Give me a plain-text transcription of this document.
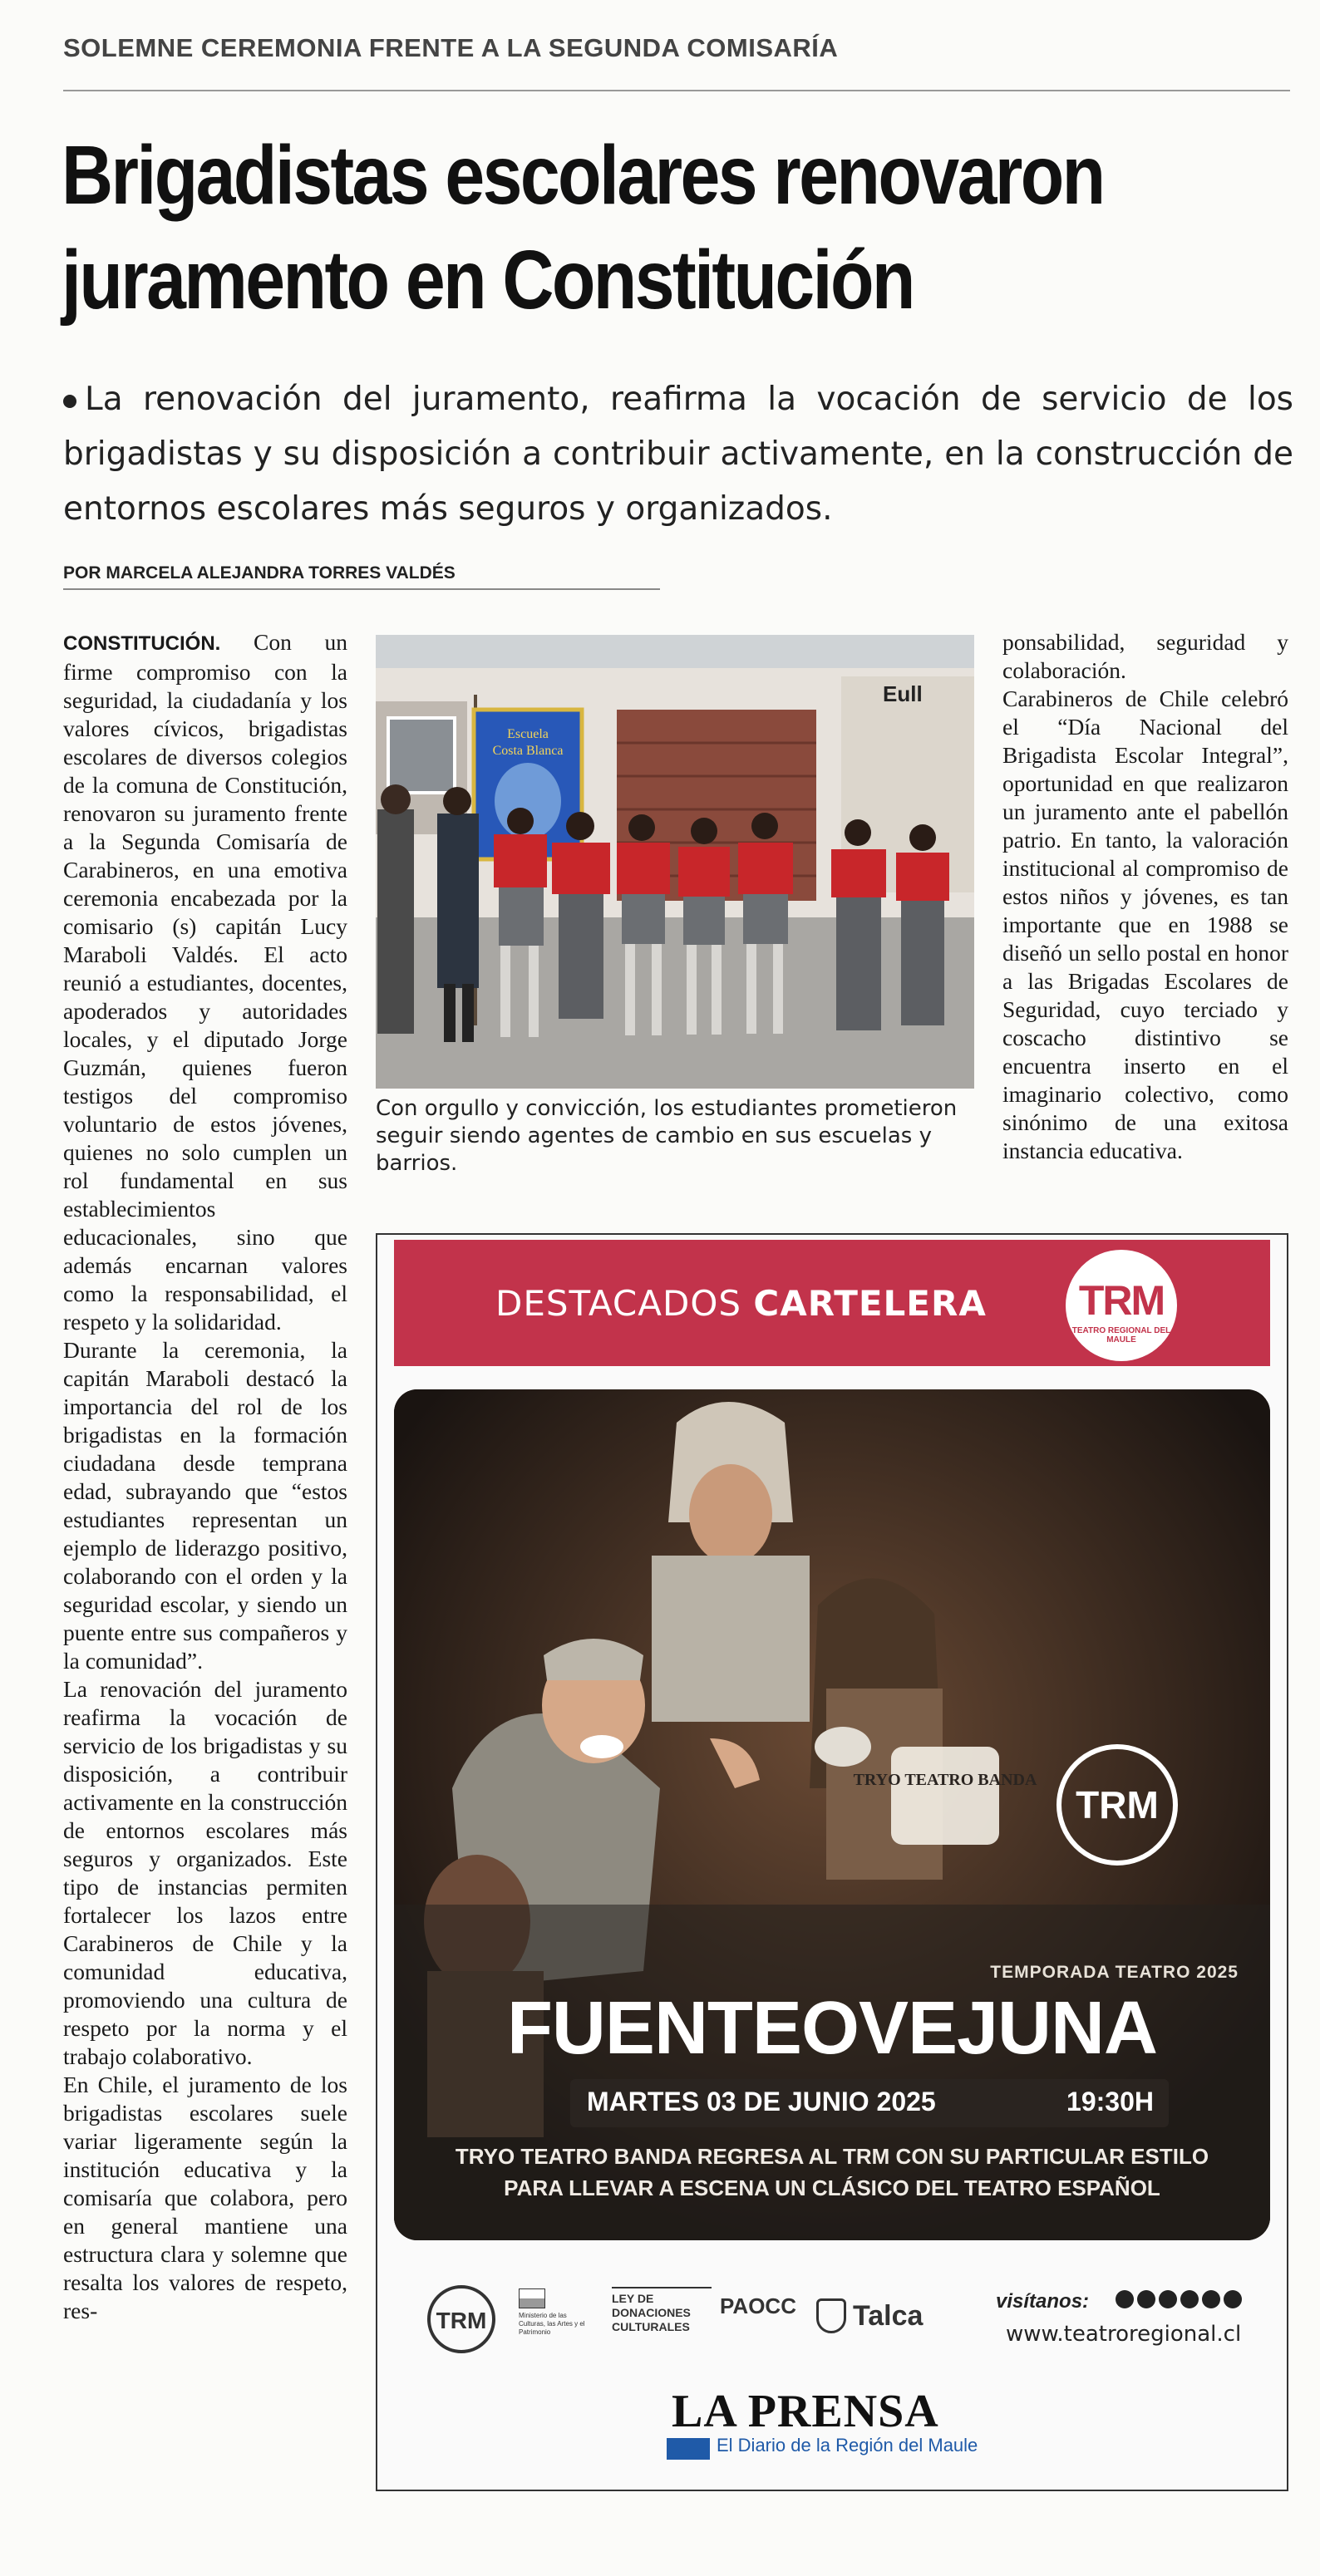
SOLEMNE CEREMONIA FRENTE A LA SEGUNDA COMISARÍA
Brigadistas escolares renovaron
juramento en Constitución
La renovación del juramento, reafirma la vocación de servicio de los brigadistas y su disposición a contribuir activamente, en la construcción de entornos escolares más seguros y organizados.
POR MARCELA ALEJANDRA TORRES VALDÉS

CONSTITUCIÓN. Con un firme compromiso con la seguridad, la ciudadanía y los valores cívicos, brigadistas escolares de diversos colegios de la comuna de Constitución, renovaron su juramento frente a la Segunda Comisaría de Carabineros, en una emotiva ceremonia encabezada por la comisario (s) capitán Lucy Maraboli Valdés. El acto reunió a estudiantes, docentes, apoderados y autoridades locales, y el diputado Jorge Guzmán, quienes fueron testigos del compromiso voluntario de estos jóvenes, quienes no solo cumplen un rol fundamental en sus establecimientos educacionales, sino que además encarnan valores como la responsabilidad, el respeto y la solidaridad.

Durante la ceremonia, la capitán Maraboli destacó la importancia del rol de los brigadistas en la formación ciudadana desde temprana edad, subrayando que “estos estudiantes representan un ejemplo de liderazgo positivo, colaborando con el orden y la seguridad escolar, y siendo un puente entre sus compañeros y la comunidad”.

La renovación del juramento reafirma la vocación de servicio de los brigadistas y su disposición, a contribuir activamente en la construcción de entornos escolares más seguros y organizados. Este tipo de instancias permiten fortalecer los lazos entre Carabineros de Chile y la comunidad educativa, promoviendo una cultura de respeto por la norma y el trabajo colaborativo.

En Chile, el juramento de los brigadistas escolares suele variar ligeramente según la institución educativa y la comisaría que colabora, pero en general mantiene una estructura clara y solemne que resalta los valores de respeto, res-

Eull
Escuela
Costa Blanca
Con orgullo y convicción, los estudiantes prometieron seguir siendo agentes de cambio en sus escuelas y barrios.

ponsabilidad, seguridad y colaboración.

Carabineros de Chile celebró el “Día Nacional del Brigadista Escolar Integral”, oportunidad en que realizaron un juramento ante el pabellón patrio. En tanto, la valoración institucional al compromiso de estos niños y jóvenes, es tan importante que en 1988 se diseñó un sello postal en honor a las Brigadas Escolares de Seguridad, cuyo terciado y coscacho distintivo se encuentra inserto en el imaginario colectivo, como sinónimo de una exitosa instancia educativa.

DESTACADOS CARTELERA	TRM
TEATRO REGIONAL DEL MAULE
TRYO TEATRO BANDA
TRM
TEMPORADA TEATRO 2025
FUENTEOVEJUNA
MARTES 03 DE JUNIO 2025	19:30H
TRYO TEATRO BANDA REGRESA AL TRM CON SU PARTICULAR ESTILO
PARA LLEVAR A ESCENA UN CLÁSICO DEL TEATRO ESPAÑOL
TRM	Ministerio de las Culturas, las Artes y el Patrimonio
LEY DE
DONACIONES
CULTURALES
PAOCC Talca	visítanos:
www.teatroregional.cl
LA PRENSA
El Diario de la Región del Maule
